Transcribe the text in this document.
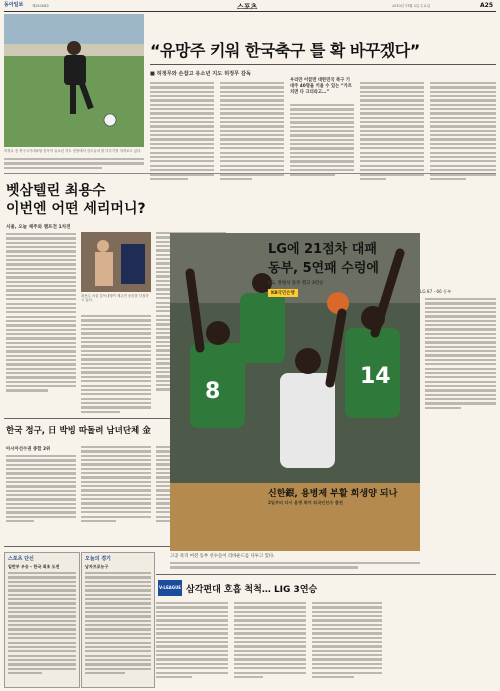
동아일보	제28364호	스포츠	2010년 11월 3일 수요일	A25
허정무 전 축구국가대표팀 감독이 유소년 지도 현장에서 선수들의 볼 다루기를 지켜보고 있다.
“유망주 키워 한국축구 틀 확 바꾸겠다”
■ 허정무와 손잡고 유소년 지도 허정무 감독
우리만 이끌면 대한민국 축구 기대주 40명을 키울 수 있는 “가르치면 다 크더라고…”
벳삼텔린 최용수
이번엔 어떤 세리머니?
서울, 오늘 제주와 챔프전 1차전
최용수 서울 감독대행이 제주전 승리를 다짐하고 있다.
한국 정구, 日 박빙 따돌려 남녀단체 金
아시아선수권 종합 2위
스포츠 단신
일반부 우승 – 한국 최초 도전
오늘의 경기
남자프로농구
8
14
고공 폭격 여전 동부 선수들이 리바운드를 다투고 있다.
LG에 21점차 대패
동부, 5연패 수렁에
LG, 창원서 동부 꺾고 3연승
KB국민은행	LG 87 - 66 동부
신한銀, 용병제 부활 희생양 되나
V-LEAGUE 삼각편대 호흡 척척… LIG 3연승
2일부터 다시 용병 뛰어 외국인선수 출전
